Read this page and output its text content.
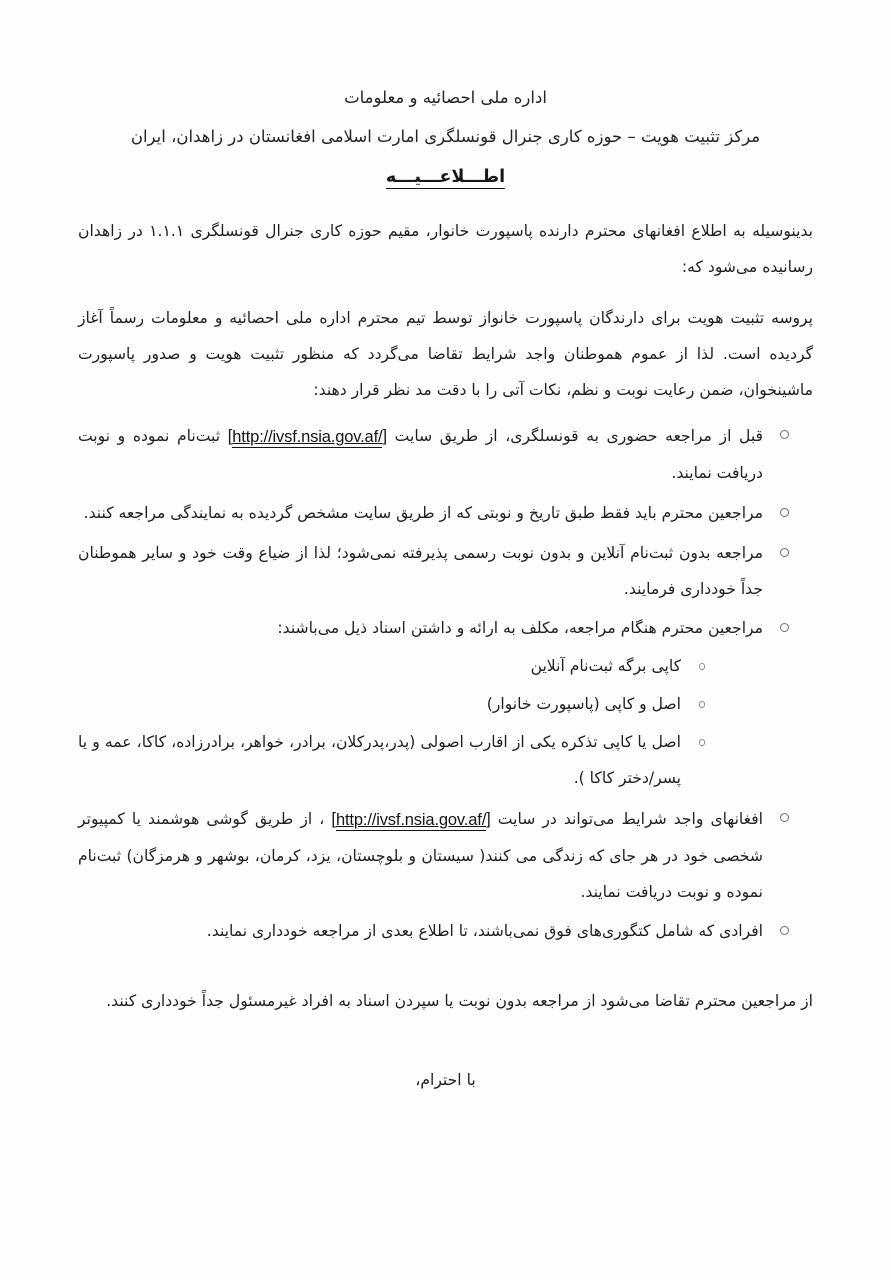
اداره ملی احصائیه و معلومات
مرکز تثبیت هویت – حوزه کاری جنرال قونسلگری امارت اسلامی افغانستان در زاهدان، ایران
اطـــلاعـــیـــه

بدینوسیله به اطلاع افغانهای محترم دارنده پاسپورت خانوار، مقیم حوزه کاری جنرال قونسلگری ۱.۱.۱ در زاهدان رسانیده می‌شود که:

پروسه تثبیت هویت برای دارندگان پاسپورت خانواز توسط تیم محترم اداره ملی احصائیه و معلومات رسماً آغاز گردیده است. لذا از عموم هموطنان واجد شرایط تقاضا می‌گردد که منظور تثبیت هویت و صدور پاسپورت ماشینخوان، ضمن رعایت نوبت و نظم، نکات آتی را با دقت مد نظر قرار دهند:

قبل از مراجعه حضوری به قونسلگری، از طریق سایت [http://ivsf.nsia.gov.af/] ثبت‌نام نموده و نوبت دریافت نمایند.
مراجعین محترم باید فقط طبق تاریخ و نوبتی که از طریق سایت مشخص گردیده به نمایندگی مراجعه کنند.
مراجعه بدون ثبت‌نام آنلاین و بدون نوبت رسمی پذیرفته نمی‌شود؛ لذا از ضیاع وقت خود و سایر هموطنان جداً خودداری فرمایند.
مراجعین محترم هنگام مراجعه، مکلف به ارائه و داشتن اسناد ذیل می‌باشند:
کاپی برگه ثبت‌نام آنلاین
اصل و کاپی (پاسپورت خانوار)
اصل یا کاپی تذکره یکی از اقارب اصولی (پدر،پدرکلان، برادر، خواهر، برادرزاده، کاکا، عمه و یا پسر/دختر کاکا ).
افغانهای واجد شرایط می‌تواند در سایت [http://ivsf.nsia.gov.af/] ، از طریق گوشی هوشمند یا کمپیوتر شخصی خود در هر جای که زندگی می کنند( سیستان و بلوچستان، یزد، کرمان، بوشهر و هرمزگان) ثبت‌نام نموده و نوبت دریافت نمایند.
افرادی که شامل کتگوری‌های فوق نمی‌باشند، تا اطلاع بعدی از مراجعه خودداری نمایند.

از مراجعین محترم تقاضا می‌شود از مراجعه بدون نوبت یا سپردن اسناد به افراد غیرمسئول جداً خودداری کنند.

با احترام،
